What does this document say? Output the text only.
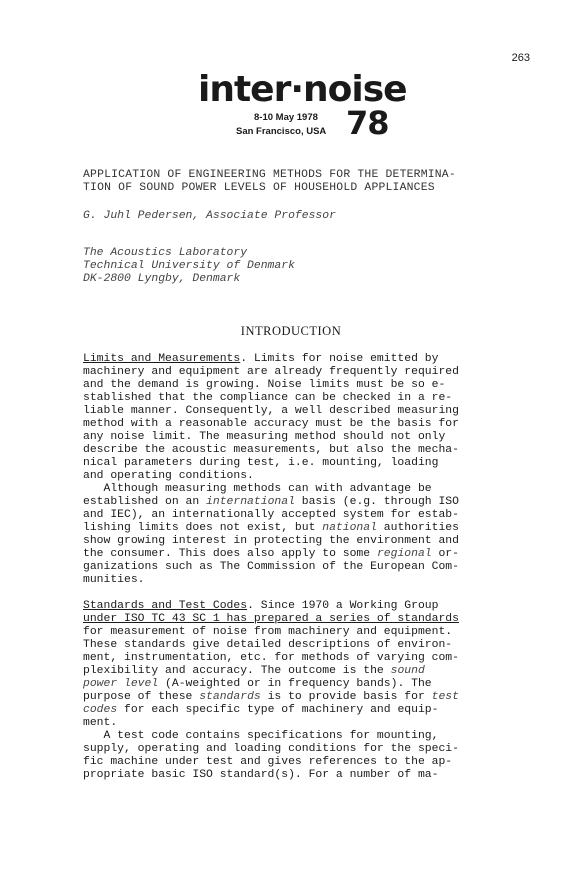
263
inter·noise
8-10 May 1978
San Francisco, USA 78
APPLICATION OF ENGINEERING METHODS FOR THE DETERMINA-
TION OF SOUND POWER LEVELS OF HOUSEHOLD APPLIANCES
G. Juhl Pedersen, Associate Professor
The Acoustics Laboratory
Technical University of Denmark
DK-2800 Lyngby, Denmark
INTRODUCTION
Limits and Measurements. Limits for noise emitted by
machinery and equipment are already frequently required
and the demand is growing. Noise limits must be so e-
stablished that the compliance can be checked in a re-
liable manner. Consequently, a well described measuring
method with a reasonable accuracy must be the basis for
any noise limit. The measuring method should not only
describe the acoustic measurements, but also the mecha-
nical parameters during test, i.e. mounting, loading
and operating conditions.
Although measuring methods can with advantage be
established on an international basis (e.g. through ISO
and IEC), an internationally accepted system for estab-
lishing limits does not exist, but national authorities
show growing interest in protecting the environment and
the consumer. This does also apply to some regional or-
ganizations such as The Commission of the European Com-
munities.
Standards and Test Codes. Since 1970 a Working Group
under ISO TC 43 SC 1 has prepared a series of standards
for measurement of noise from machinery and equipment.
These standards give detailed descriptions of environ-
ment, instrumentation, etc. for methods of varying com-
plexibility and accuracy. The outcome is the sound
power level (A-weighted or in frequency bands). The
purpose of these standards is to provide basis for test
codes for each specific type of machinery and equip-
ment.
A test code contains specifications for mounting,
supply, operating and loading conditions for the speci-
fic machine under test and gives references to the ap-
propriate basic ISO standard(s). For a number of ma-
